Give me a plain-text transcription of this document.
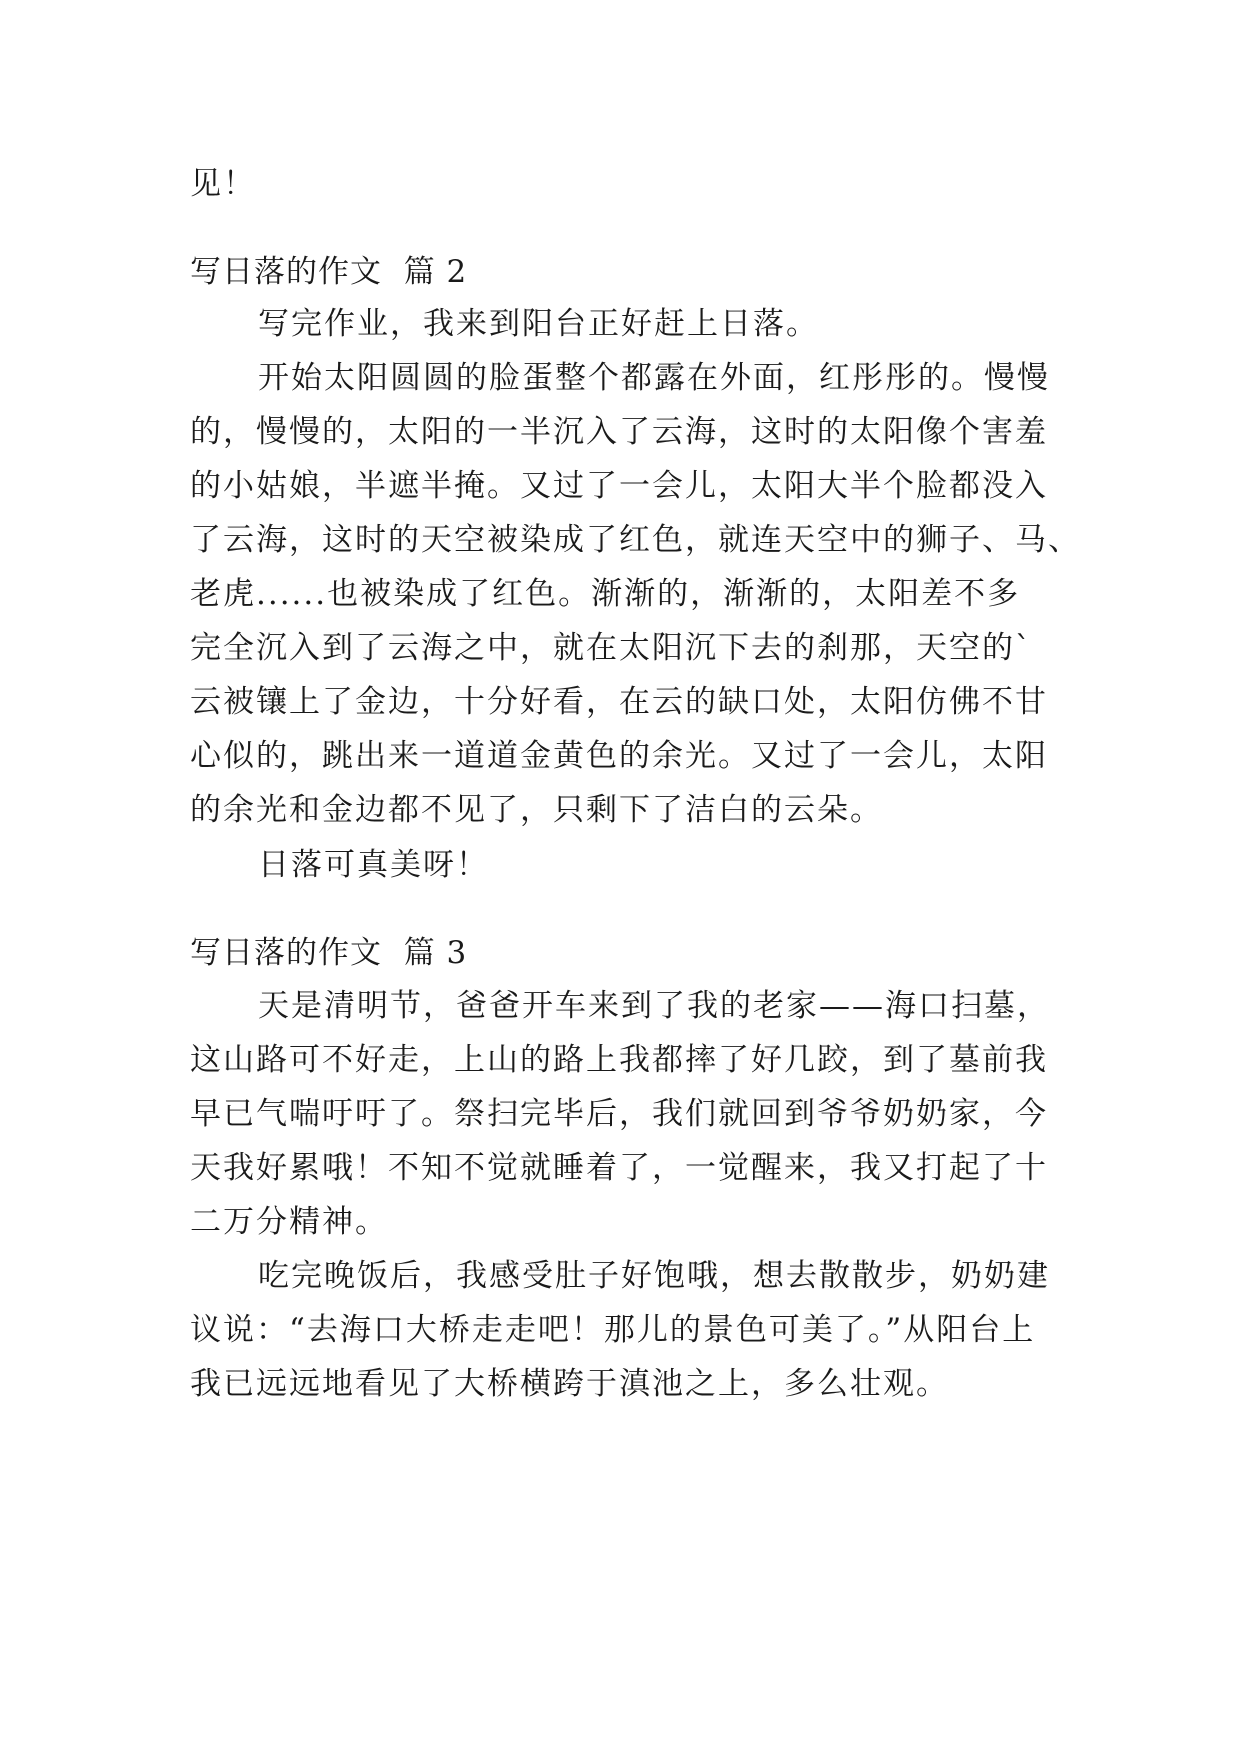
见！
写日落的作文  篇 2
写完作业，我来到阳台正好赶上日落。
开始太阳圆圆的脸蛋整个都露在外面，红彤彤的。慢慢
的，慢慢的，太阳的一半沉入了云海，这时的太阳像个害羞
的小姑娘，半遮半掩。又过了一会儿，太阳大半个脸都没入
了云海，这时的天空被染成了红色，就连天空中的狮子、马、
老虎......也被染成了红色。渐渐的，渐渐的，太阳差不多
完全沉入到了云海之中，就在太阳沉下去的刹那，天空的`
云被镶上了金边，十分好看，在云的缺口处，太阳仿佛不甘
心似的，跳出来一道道金黄色的余光。又过了一会儿，太阳
的余光和金边都不见了，只剩下了洁白的云朵。
日落可真美呀！
写日落的作文  篇 3
天是清明节，爸爸开车来到了我的老家——海口扫墓，
这山路可不好走，上山的路上我都摔了好几跤，到了墓前我
早已气喘吁吁了。祭扫完毕后，我们就回到爷爷奶奶家，今
天我好累哦！不知不觉就睡着了，一觉醒来，我又打起了十
二万分精神。
吃完晚饭后，我感受肚子好饱哦，想去散散步，奶奶建
议说：“去海口大桥走走吧！那儿的景色可美了。”从阳台上
我已远远地看见了大桥横跨于滇池之上，多么壮观。
